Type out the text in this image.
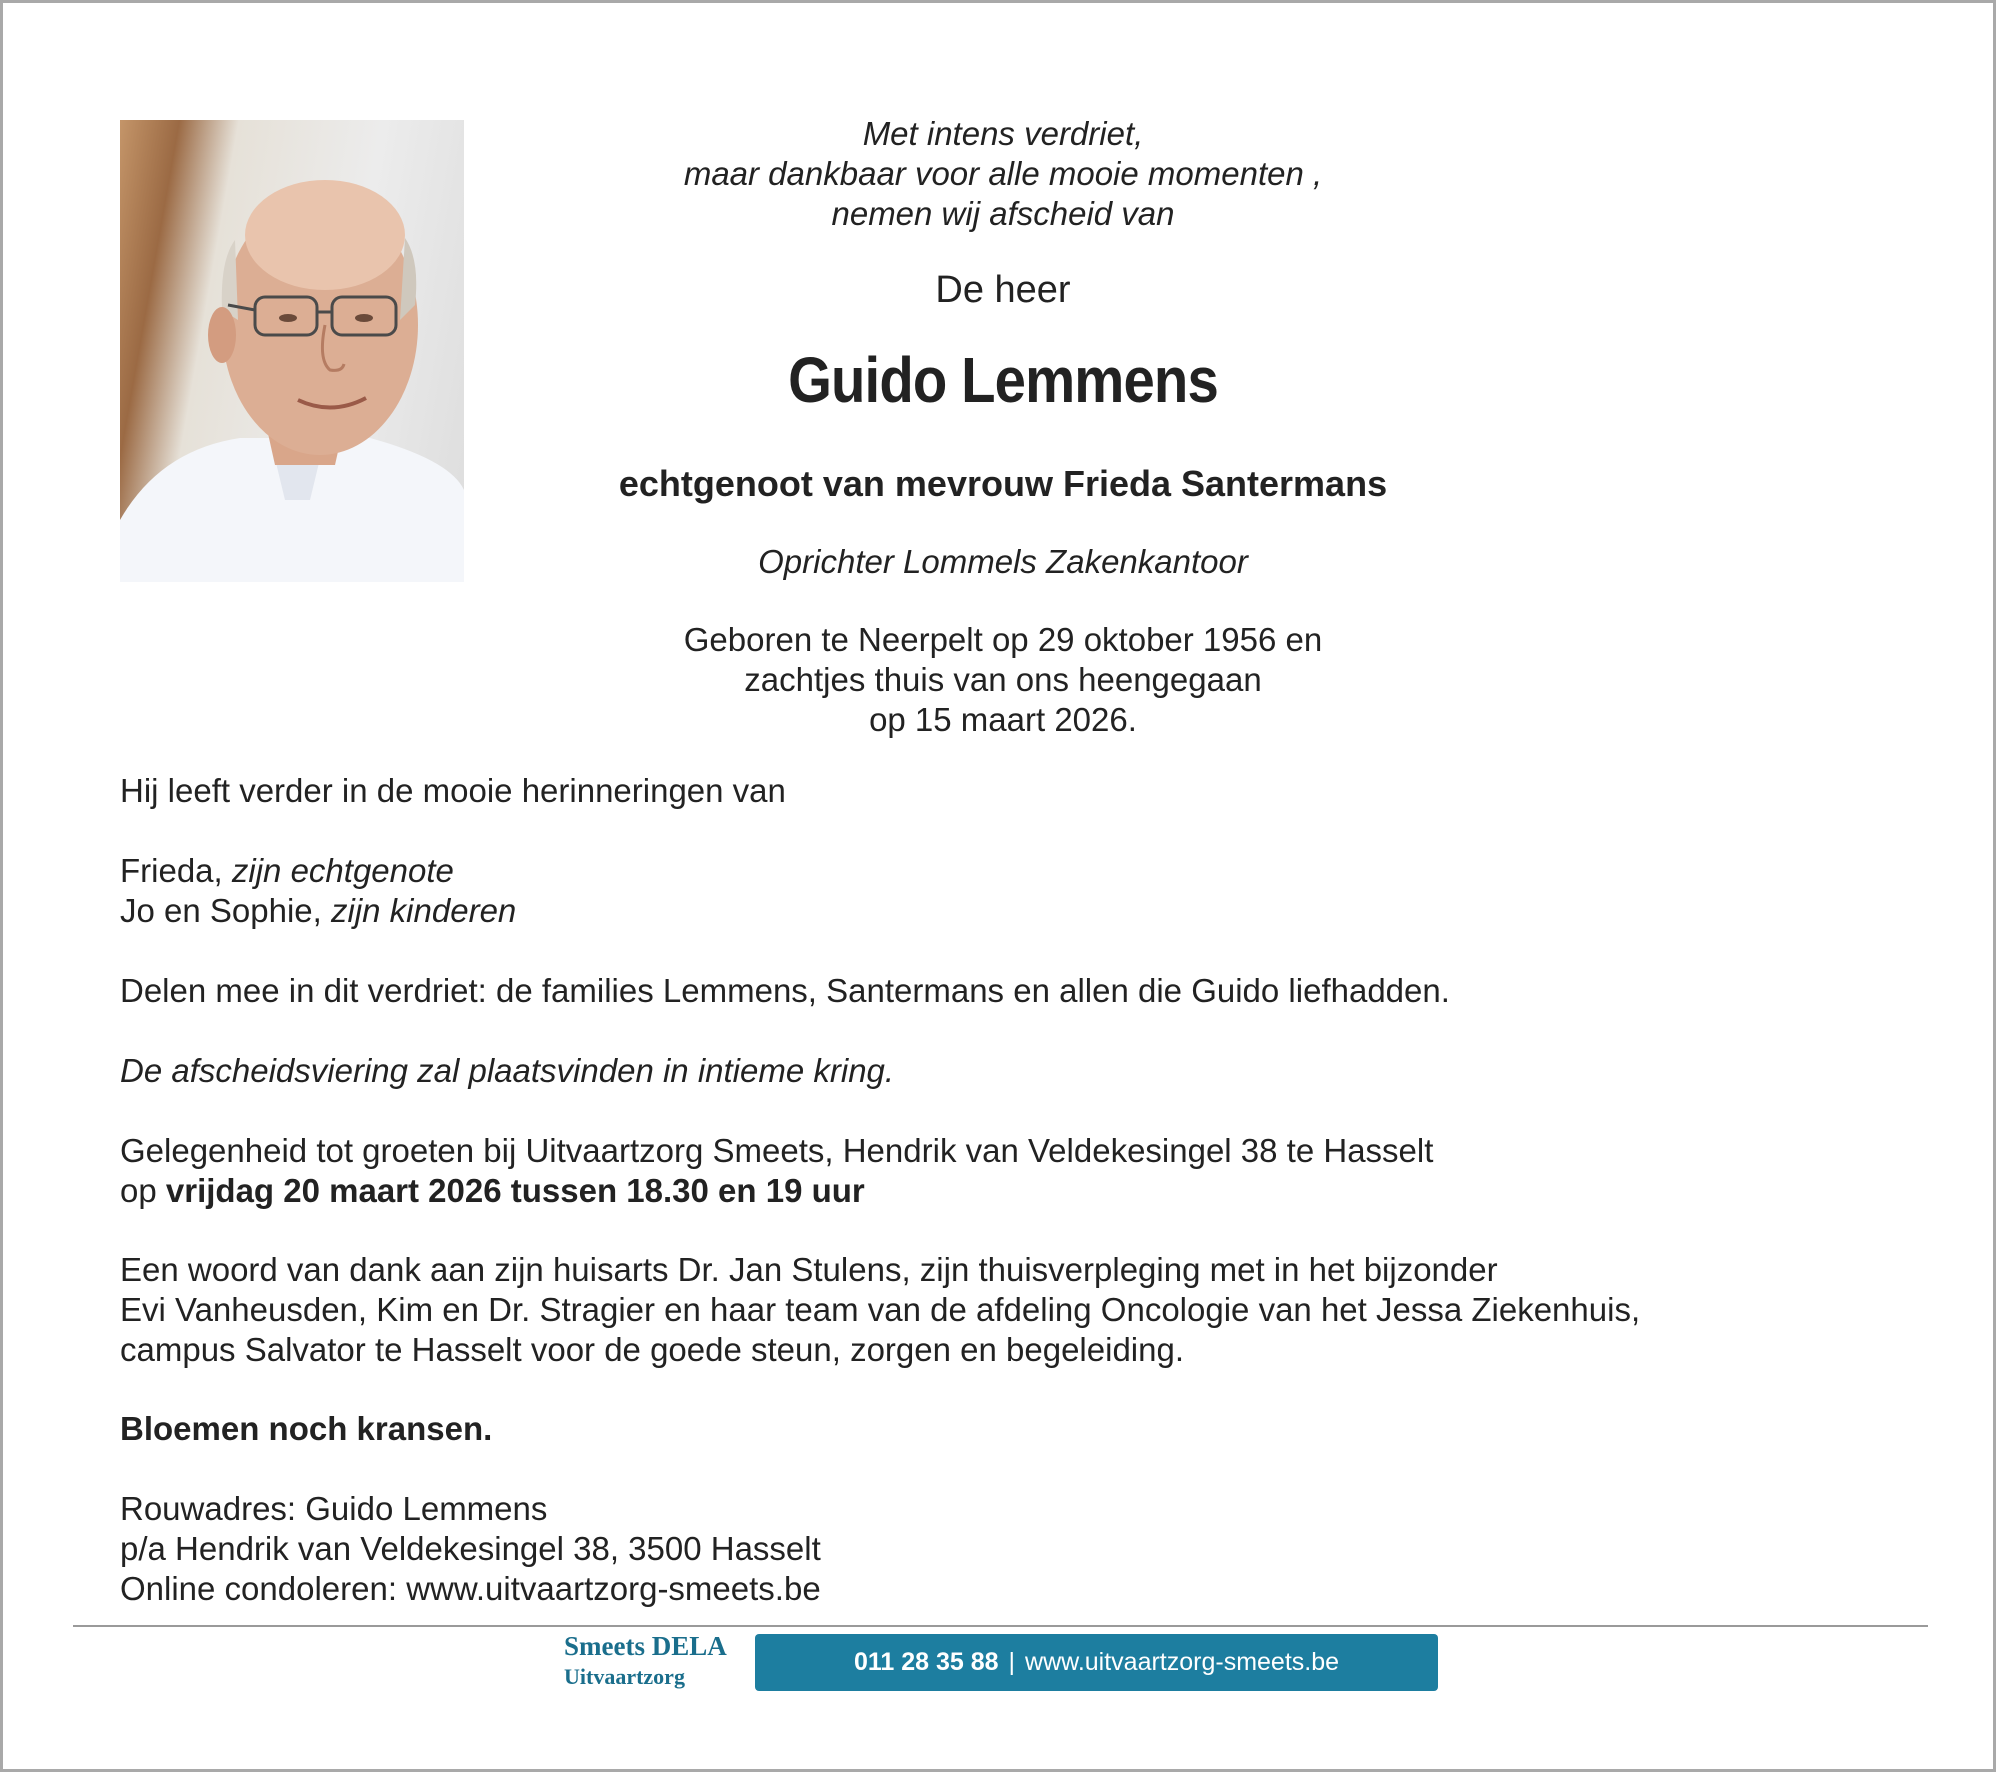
Met intens verdriet,
maar dankbaar voor alle mooie momenten ,
nemen wij afscheid van
De heer
Guido Lemmens
echtgenoot van mevrouw Frieda Santermans
Oprichter Lommels Zakenkantoor
Geboren te Neerpelt op 29 oktober 1956 en
zachtjes thuis van ons heengegaan
op 15 maart 2026.
Hij leeft verder in de mooie herinneringen van
Frieda, zijn echtgenote
Jo en Sophie, zijn kinderen
Delen mee in dit verdriet: de families Lemmens, Santermans en allen die Guido liefhadden.
De afscheidsviering zal plaatsvinden in intieme kring.
Gelegenheid tot groeten bij Uitvaartzorg Smeets, Hendrik van Veldekesingel 38 te Hasselt
op vrijdag 20 maart 2026 tussen 18.30 en 19 uur
Een woord van dank aan zijn huisarts Dr. Jan Stulens, zijn thuisverpleging met in het bijzonder
Evi Vanheusden, Kim en Dr. Stragier en haar team van de afdeling Oncologie van het Jessa Ziekenhuis,
campus Salvator te Hasselt voor de goede steun, zorgen en begeleiding.
Bloemen noch kransen.
Rouwadres: Guido Lemmens
p/a Hendrik van Veldekesingel 38, 3500 Hasselt
Online condoleren: www.uitvaartzorg-smeets.be
Smeets DELA
Uitvaartzorg
011 28 35 88 | www.uitvaartzorg-smeets.be
